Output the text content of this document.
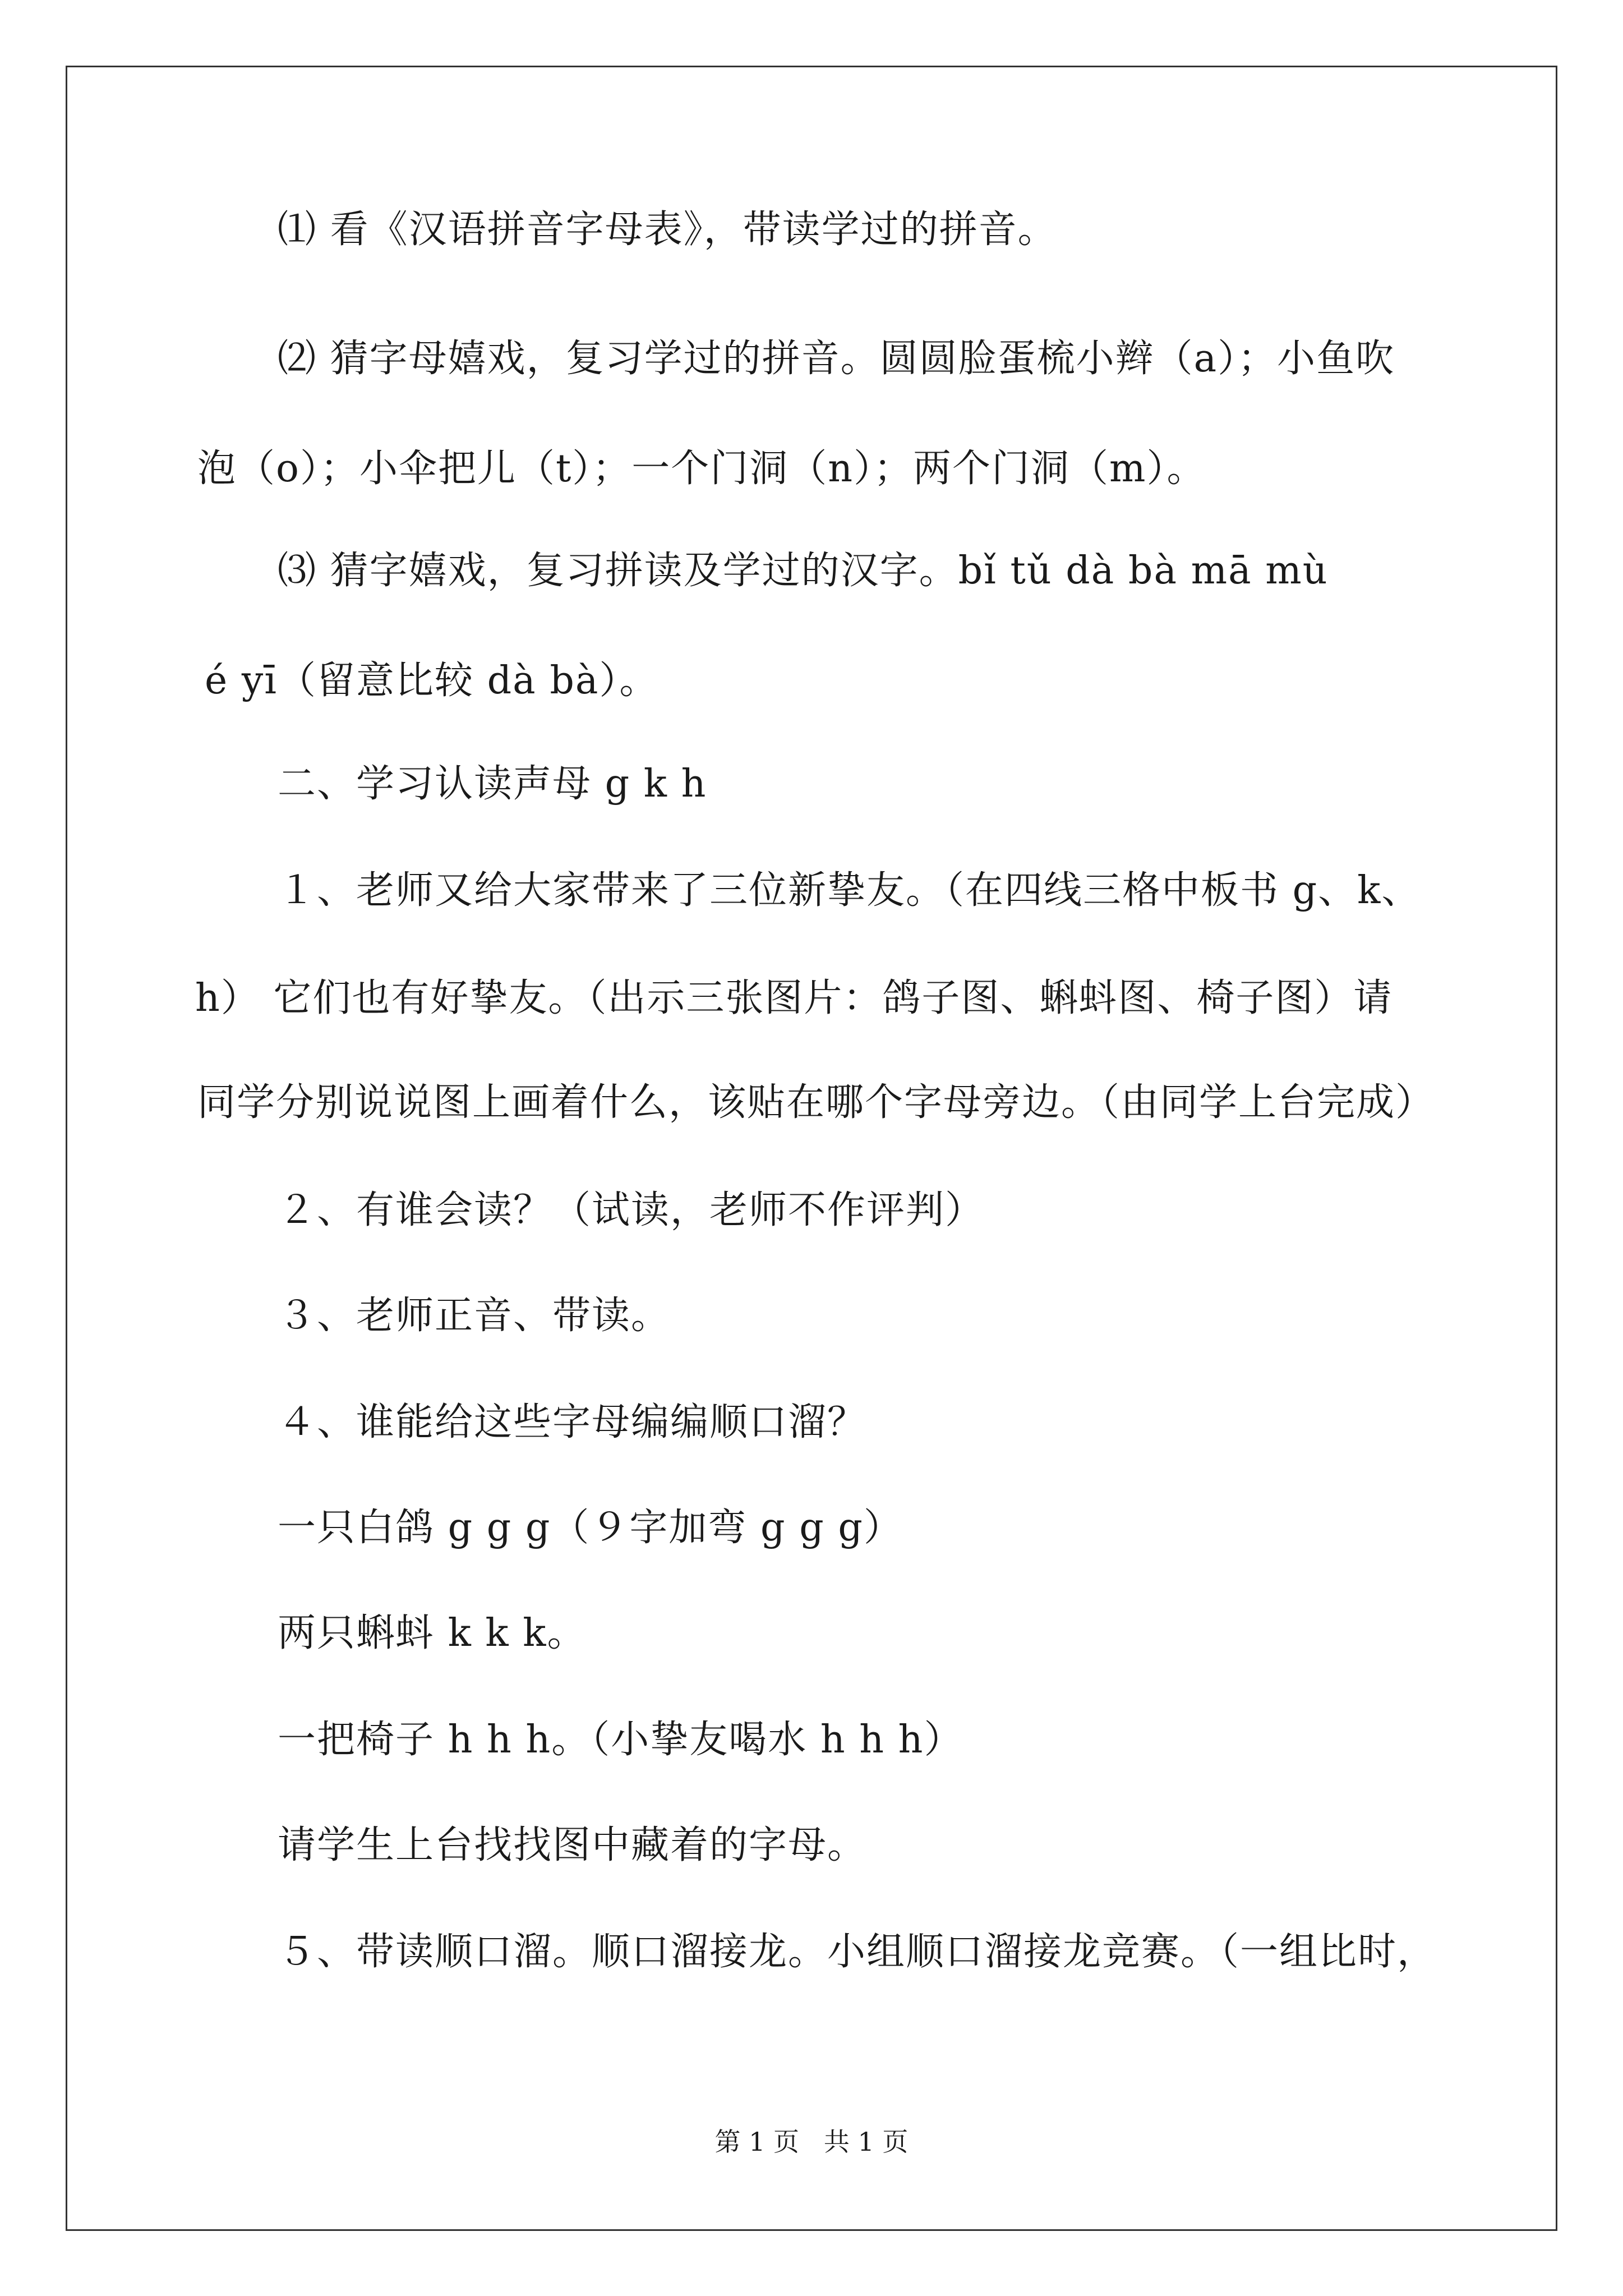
⑴ 看《汉语拼音字母表》，带读学过的拼音。
⑵ 猜字母嬉戏，复习学过的拼音。圆圆脸蛋梳小辫（a）；小鱼吹
泡（o）；小伞把儿（t）；一个门洞（n）；两个门洞（m）。
⑶ 猜字嬉戏，复习拼读及学过的汉字。bǐ tǔ dà bà mā mù
é yī（留意比较 dà bà）。
二、学习认读声母 g k h
１、老师又给大家带来了三位新挚友。（在四线三格中板书 g、k、
h） 它们也有好挚友。（出示三张图片：鸽子图、蝌蚪图、椅子图）请
同学分别说说图上画着什么，该贴在哪个字母旁边。（由同学上台完成）
２、有谁会读？（试读，老师不作评判）
３、老师正音、带读。
４、谁能给这些字母编编顺口溜？
一只白鸽 g g g（９字加弯 g g g）
两只蝌蚪 k k k。
一把椅子 h h h。（小挚友喝水 h h h）
请学生上台找找图中藏着的字母。
５、带读顺口溜。顺口溜接龙。小组顺口溜接龙竞赛。（一组比时，
第 1 页   共 1 页
